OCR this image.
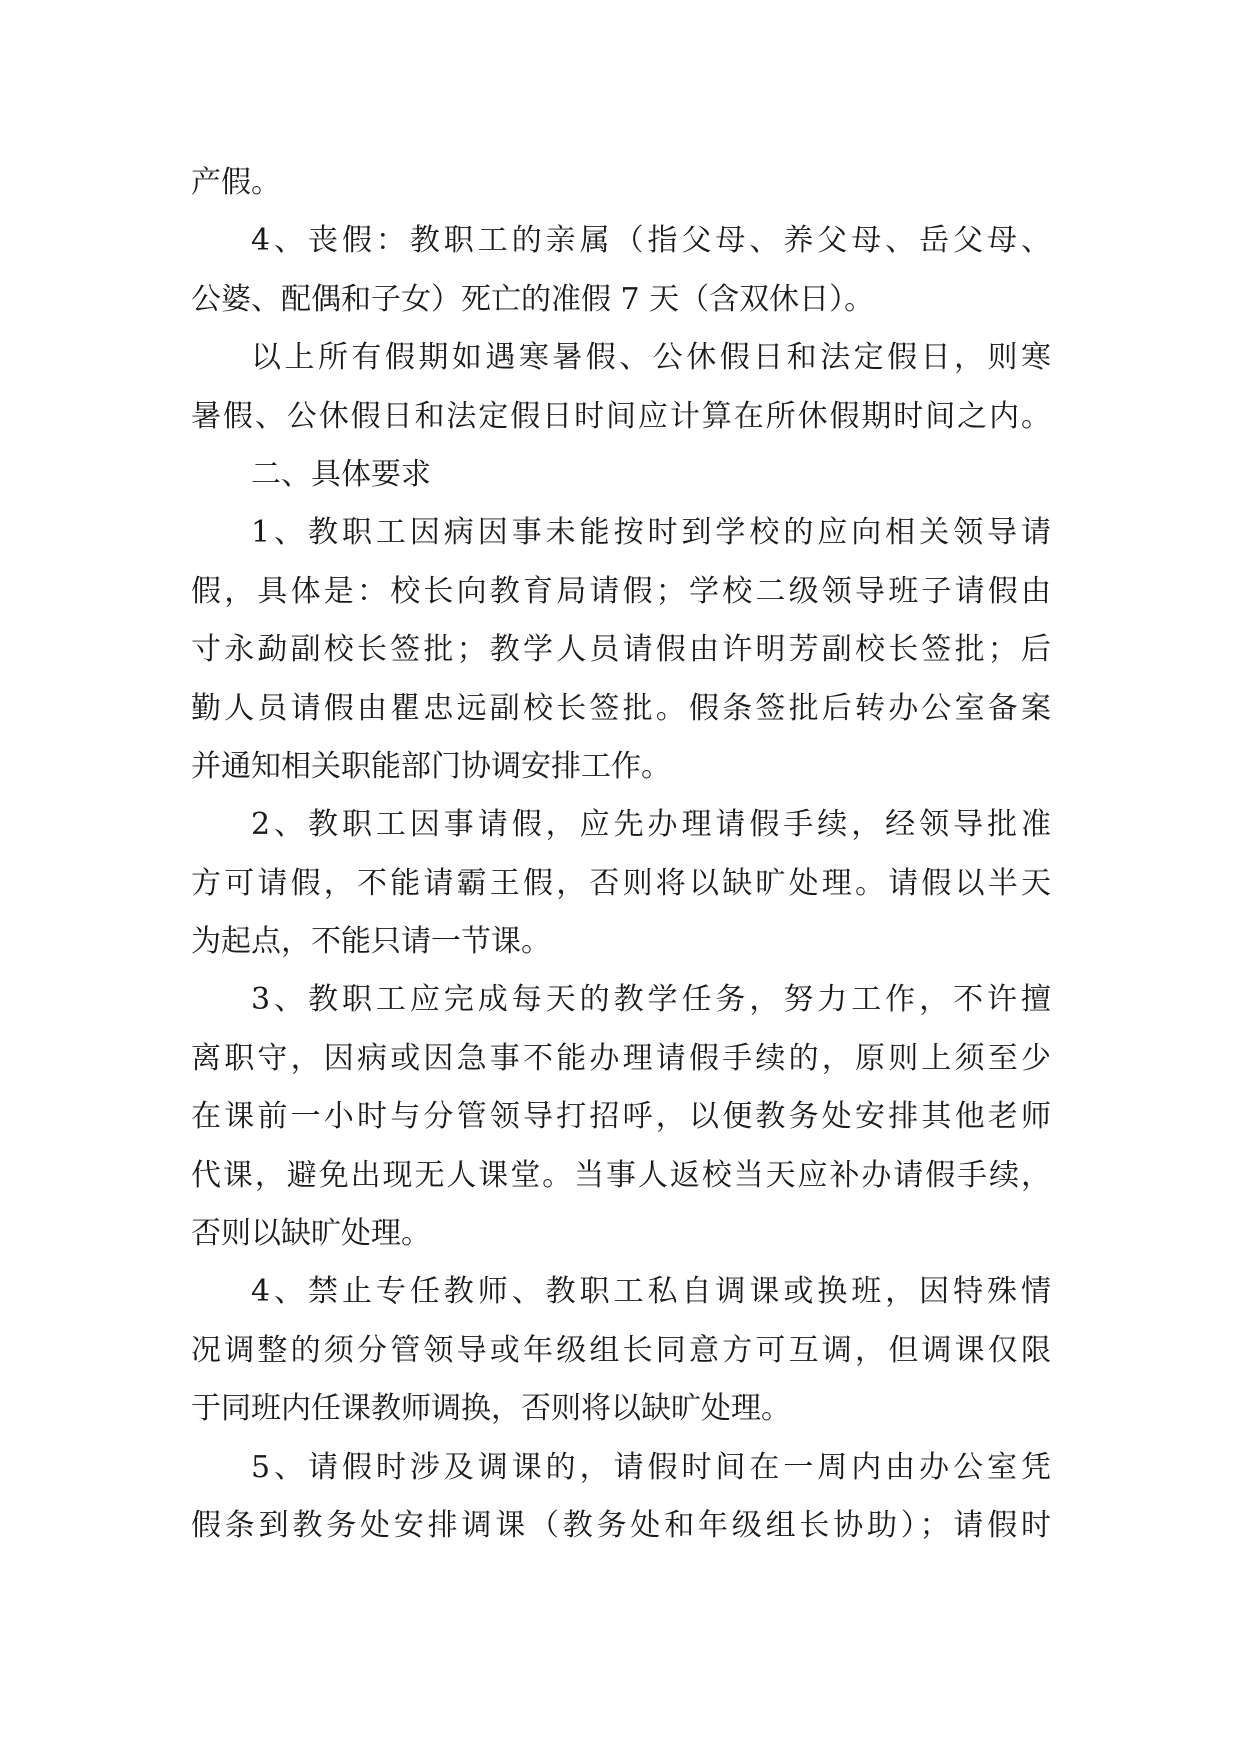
产假。
4、丧假：教职工的亲属（指父母、养父母、岳父母、
公婆、配偶和子女）死亡的准假 7 天（含双休日）。
以上所有假期如遇寒暑假、公休假日和法定假日，则寒
暑假、公休假日和法定假日时间应计算在所休假期时间之内。
二、具体要求
1、教职工因病因事未能按时到学校的应向相关领导请
假，具体是：校长向教育局请假；学校二级领导班子请假由
寸永勐副校长签批；教学人员请假由许明芳副校长签批；后
勤人员请假由瞿忠远副校长签批。假条签批后转办公室备案
并通知相关职能部门协调安排工作。
2、教职工因事请假，应先办理请假手续，经领导批准
方可请假，不能请霸王假，否则将以缺旷处理。请假以半天
为起点，不能只请一节课。
3、教职工应完成每天的教学任务，努力工作，不许擅
离职守，因病或因急事不能办理请假手续的，原则上须至少
在课前一小时与分管领导打招呼，以便教务处安排其他老师
代课，避免出现无人课堂。当事人返校当天应补办请假手续，
否则以缺旷处理。
4、禁止专任教师、教职工私自调课或换班，因特殊情
况调整的须分管领导或年级组长同意方可互调，但调课仅限
于同班内任课教师调换，否则将以缺旷处理。
5、请假时涉及调课的，请假时间在一周内由办公室凭
假条到教务处安排调课（教务处和年级组长协助）；请假时
